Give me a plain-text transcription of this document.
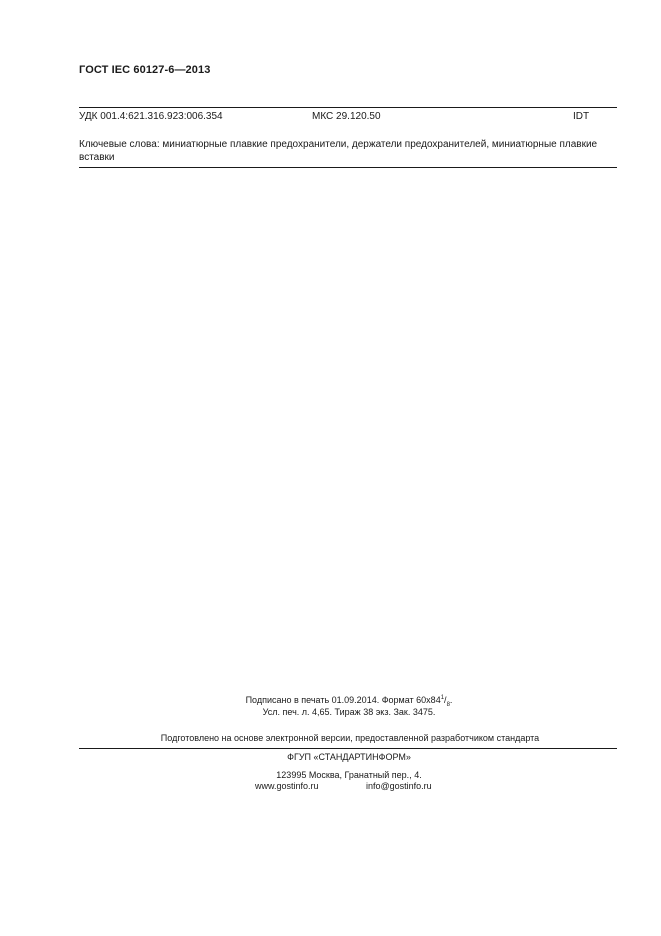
ГОСТ IEC 60127-6—2013
УДК 001.4:621.316.923:006.354	МКС 29.120.50	IDT
Ключевые слова: миниатюрные плавкие предохранители, держатели предохранителей, миниатюрные плавкие вставки
Подписано в печать 01.09.2014. Формат $60x84^1/_8$.
Усл. печ. л. 4,65. Тираж 38 экз. Зак. 3475.
Подготовлено на основе электронной версии, предоставленной разработчиком стандарта
ФГУП «СТАНДАРТИНФОРМ»
123995 Москва, Гранатный пер., 4.
www.gostinfo.ru	info@gostinfo.ru
